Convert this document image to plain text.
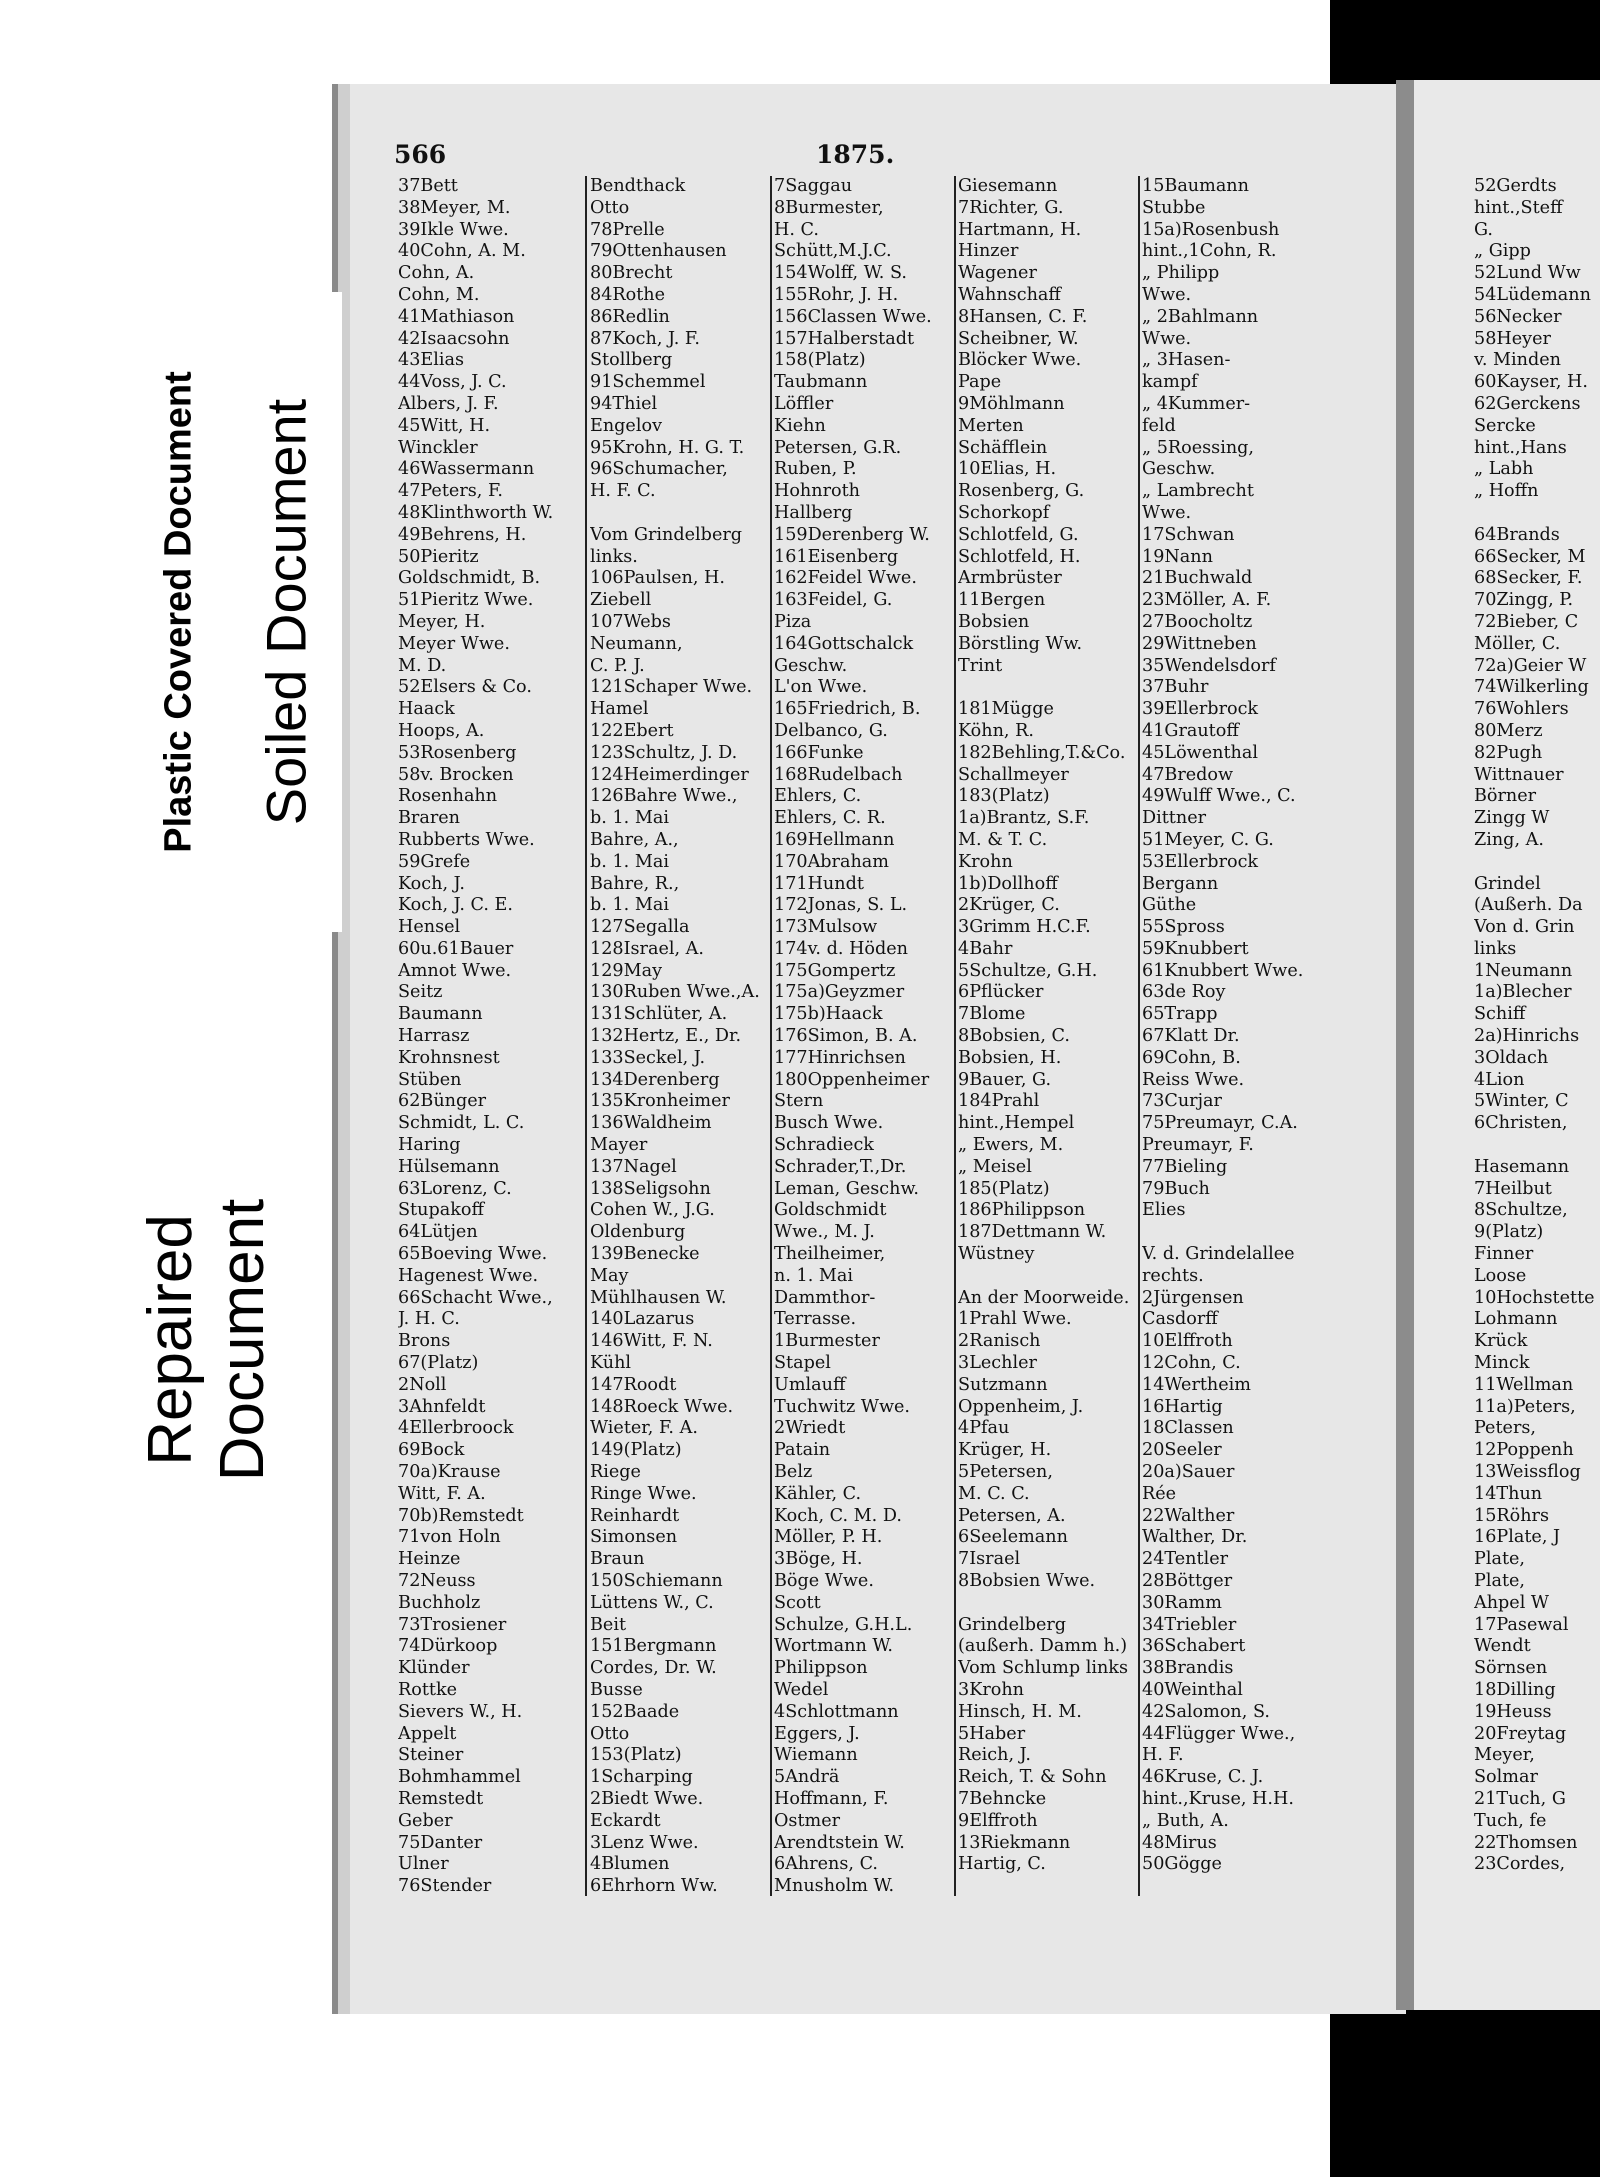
566	1875.
37Bett
38Meyer, M.
39Ikle Wwe.
40Cohn, A. M.
Cohn, A.
Cohn, M.
41Mathiason
42Isaacsohn
43Elias
44Voss, J. C.
Albers, J. F.
45Witt, H.
Winckler
46Wassermann
47Peters, F.
48Klinthworth W.
49Behrens, H.
50Pieritz
Goldschmidt, B.
51Pieritz Wwe.
Meyer, H.
Meyer Wwe.
M. D.
52Elsers & Co.
Haack
Hoops, A.
53Rosenberg
58v. Brocken
Rosenhahn
Braren
Rubberts Wwe.
59Grefe
Koch, J.
Koch, J. C. E.
Hensel
60u.61Bauer
Amnot Wwe.
Seitz
Baumann
Harrasz
Krohnsnest
Stüben
62Bünger
Schmidt, L. C.
Haring
Hülsemann
63Lorenz, C.
Stupakoff
64Lütjen
65Boeving Wwe.
Hagenest Wwe.
66Schacht Wwe.,
J. H. C.
Brons
67(Platz)
2Noll
3Ahnfeldt
4Ellerbroock
69Bock
70a)Krause
Witt, F. A.
70b)Remstedt
71von Holn
Heinze
72Neuss
Buchholz
73Trosiener
74Dürkoop
Klünder
Rottke
Sievers W., H.
Appelt
Steiner
Bohmhammel
Remstedt
Geber
75Danter
Ulner
76Stender
Bendthack
Otto
78Prelle
79Ottenhausen
80Brecht
84Rothe
86Redlin
87Koch, J. F.
Stollberg
91Schemmel
94Thiel
Engelov
95Krohn, H. G. T.
96Schumacher,
H. F. C.
Vom Grindelberg
links.
106Paulsen, H.
Ziebell
107Webs
Neumann,
C. P. J.
121Schaper Wwe.
Hamel
122Ebert
123Schultz, J. D.
124Heimerdinger
126Bahre Wwe.,
b. 1. Mai
Bahre, A.,
b. 1. Mai
Bahre, R.,
b. 1. Mai
127Segalla
128Israel, A.
129May
130Ruben Wwe.,A.
131Schlüter, A.
132Hertz, E., Dr.
133Seckel, J.
134Derenberg
135Kronheimer
136Waldheim
Mayer
137Nagel
138Seligsohn
Cohen W., J.G.
Oldenburg
139Benecke
May
Mühlhausen W.
140Lazarus
146Witt, F. N.
Kühl
147Roodt
148Roeck Wwe.
Wieter, F. A.
149(Platz)
Riege
Ringe Wwe.
Reinhardt
Simonsen
Braun
150Schiemann
Lüttens W., C.
Beit
151Bergmann
Cordes, Dr. W.
Busse
152Baade
Otto
153(Platz)
1Scharping
2Biedt Wwe.
Eckardt
3Lenz Wwe.
4Blumen
6Ehrhorn Ww.
7Saggau
8Burmester,
H. C.
Schütt,M.J.C.
154Wolff, W. S.
155Rohr, J. H.
156Classen Wwe.
157Halberstadt
158(Platz)
Taubmann
Löffler
Kiehn
Petersen, G.R.
Ruben, P.
Hohnroth
Hallberg
159Derenberg W.
161Eisenberg
162Feidel Wwe.
163Feidel, G.
Piza
164Gottschalck
Geschw.
L'on Wwe.
165Friedrich, B.
Delbanco, G.
166Funke
168Rudelbach
Ehlers, C.
Ehlers, C. R.
169Hellmann
170Abraham
171Hundt
172Jonas, S. L.
173Mulsow
174v. d. Höden
175Gompertz
175a)Geyzmer
175b)Haack
176Simon, B. A.
177Hinrichsen
180Oppenheimer
Stern
Busch Wwe.
Schradieck
Schrader,T.,Dr.
Leman, Geschw.
Goldschmidt
Wwe., M. J.
Theilheimer,
n. 1. Mai
Dammthor-
Terrasse.
1Burmester
Stapel
Umlauff
Tuchwitz Wwe.
2Wriedt
Patain
Belz
Kähler, C.
Koch, C. M. D.
Möller, P. H.
3Böge, H.
Böge Wwe.
Scott
Schulze, G.H.L.
Wortmann W.
Philippson
Wedel
4Schlottmann
Eggers, J.
Wiemann
5Andrä
Hoffmann, F.
Ostmer
Arendtstein W.
6Ahrens, C.
Mnusholm W.
Giesemann
7Richter, G.
Hartmann, H.
Hinzer
Wagener
Wahnschaff
8Hansen, C. F.
Scheibner, W.
Blöcker Wwe.
Pape
9Möhlmann
Merten
Schäfflein
10Elias, H.
Rosenberg, G.
Schorkopf
Schlotfeld, G.
Schlotfeld, H.
Armbrüster
11Bergen
Bobsien
Börstling Ww.
Trint
181Mügge
Köhn, R.
182Behling,T.&Co.
Schallmeyer
183(Platz)
1a)Brantz, S.F.
M. & T. C.
Krohn
1b)Dollhoff
2Krüger, C.
3Grimm H.C.F.
4Bahr
5Schultze, G.H.
6Pflücker
7Blome
8Bobsien, C.
Bobsien, H.
9Bauer, G.
184Prahl
hint.,Hempel
„ Ewers, M.
„ Meisel
185(Platz)
186Philippson
187Dettmann W.
Wüstney
An der Moorweide.
1Prahl Wwe.
2Ranisch
3Lechler
Sutzmann
Oppenheim, J.
4Pfau
Krüger, H.
5Petersen,
M. C. C.
Petersen, A.
6Seelemann
7Israel
8Bobsien Wwe.
Grindelberg
(außerh. Damm h.)
Vom Schlump links
3Krohn
Hinsch, H. M.
5Haber
Reich, J.
Reich, T. & Sohn
7Behncke
9Elffroth
13Riekmann
Hartig, C.
15Baumann
Stubbe
15a)Rosenbush
hint.,1Cohn, R.
„ Philipp
Wwe.
„ 2Bahlmann
Wwe.
„ 3Hasen-
kampf
„ 4Kummer-
feld
„ 5Roessing,
Geschw.
„ Lambrecht
Wwe.
17Schwan
19Nann
21Buchwald
23Möller, A. F.
27Boocholtz
29Wittneben
35Wendelsdorf
37Buhr
39Ellerbrock
41Grautoff
45Löwenthal
47Bredow
49Wulff Wwe., C.
Dittner
51Meyer, C. G.
53Ellerbrock
Bergann
Güthe
55Spross
59Knubbert
61Knubbert Wwe.
63de Roy
65Trapp
67Klatt Dr.
69Cohn, B.
Reiss Wwe.
73Curjar
75Preumayr, C.A.
Preumayr, F.
77Bieling
79Buch
Elies
V. d. Grindelallee
rechts.
2Jürgensen
Casdorff
10Elffroth
12Cohn, C.
14Wertheim
16Hartig
18Classen
20Seeler
20a)Sauer
Rée
22Walther
Walther, Dr.
24Tentler
28Böttger
30Ramm
34Triebler
36Schabert
38Brandis
40Weinthal
42Salomon, S.
44Flügger Wwe.,
H. F.
46Kruse, C. J.
hint.,Kruse, H.H.
„ Buth, A.
48Mirus
50Gögge
52Gerdts
hint.,Steff
G.
„ Gipp
52Lund Ww
54Lüdemann
56Necker
58Heyer
v. Minden
60Kayser, H.
62Gerckens
Sercke
hint.,Hans
„ Labh
„ Hoffn
64Brands
66Secker, M
68Secker, F.
70Zingg, P.
72Bieber, C
Möller, C.
72a)Geier W
74Wilkerling
76Wohlers
80Merz
82Pugh
Wittnauer
Börner
Zingg W
Zing, A.
Grindel
(Außerh. Da
Von d. Grin
links
1Neumann
1a)Blecher
Schiff
2a)Hinrichs
3Oldach
4Lion
5Winter, C
6Christen,
Hasemann
7Heilbut
8Schultze,
9(Platz)
Finner
Loose
10Hochstette
Lohmann
Krück
Minck
11Wellman
11a)Peters,
Peters,
12Poppenh
13Weissflog
14Thun
15Röhrs
16Plate, J
Plate,
Plate,
Ahpel W
17Pasewal
Wendt
Sörnsen
18Dilling
19Heuss
20Freytag
Meyer,
Solmar
21Tuch, G
Tuch, fe
22Thomsen
23Cordes,
Plastic Covered Document Soiled Document
Repaired Document
